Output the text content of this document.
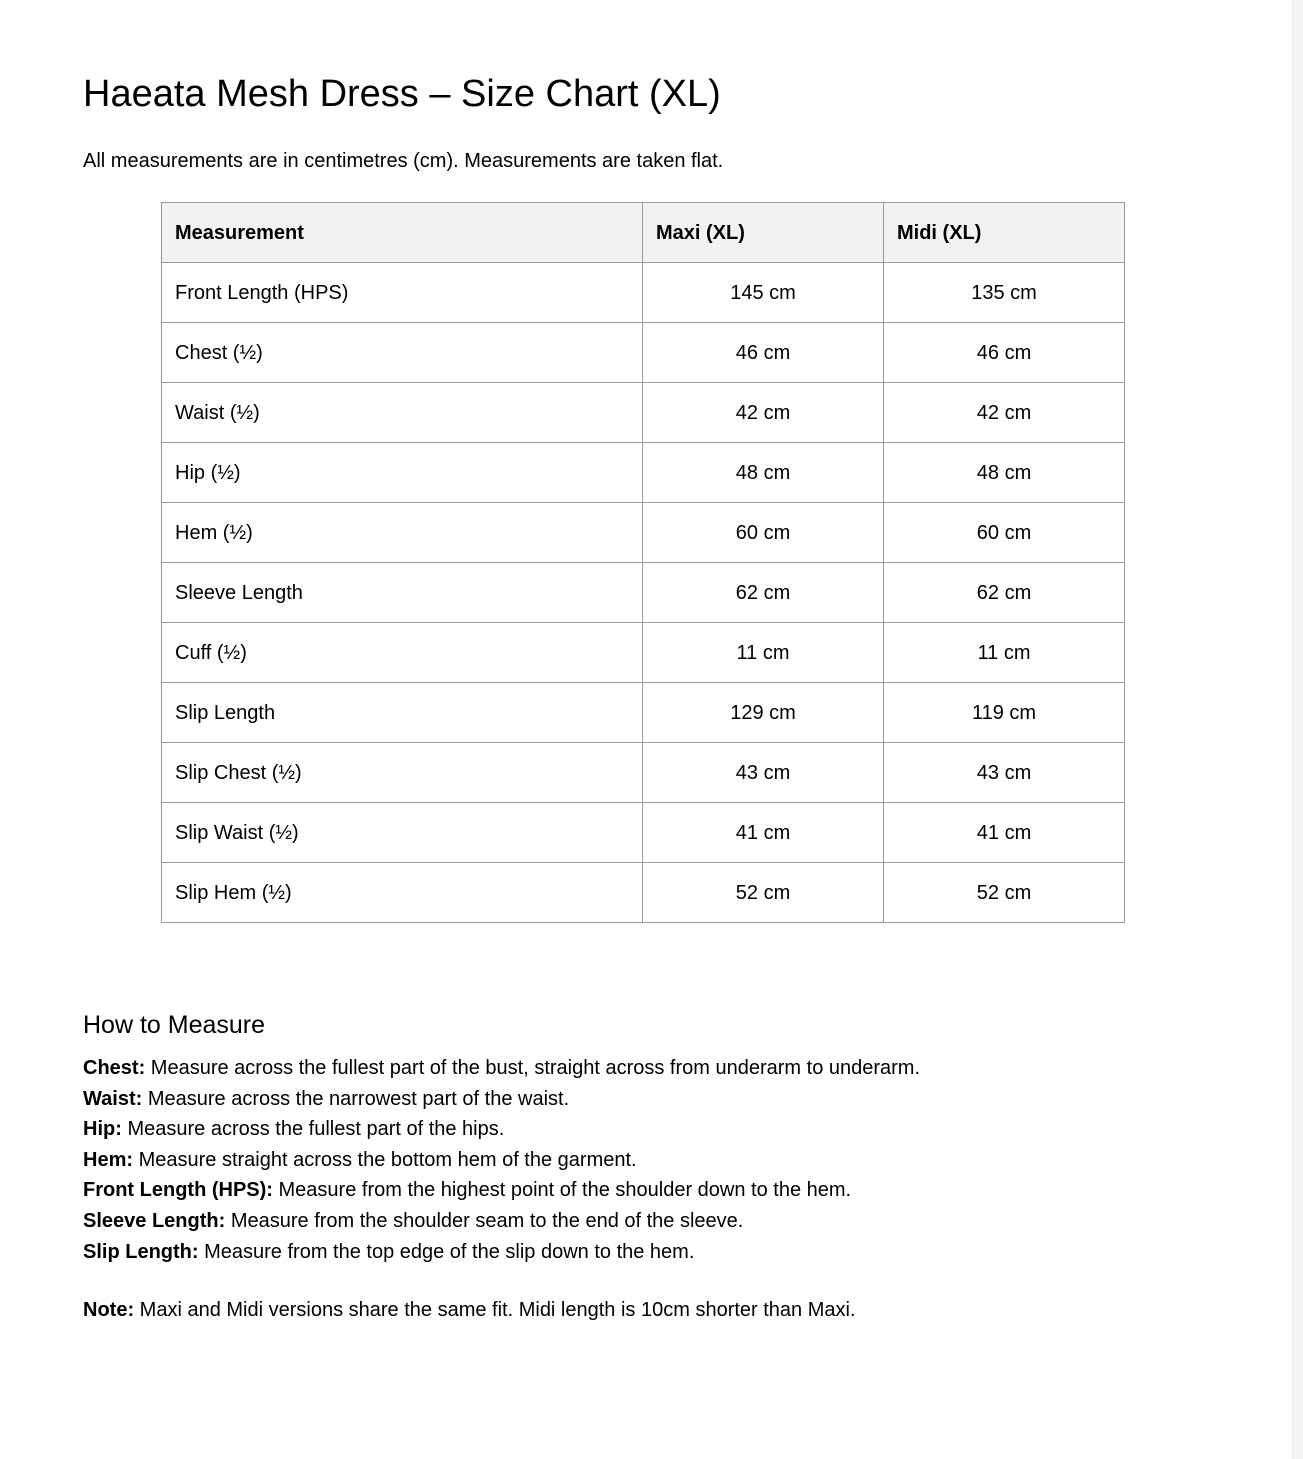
Haeata Mesh Dress – Size Chart (XL)

All measurements are in centimetres (cm). Measurements are taken flat.

Measurement	Maxi (XL)	Midi (XL)
Front Length (HPS)	145 cm	135 cm
Chest (½)	46 cm	46 cm
Waist (½)	42 cm	42 cm
Hip (½)	48 cm	48 cm
Hem (½)	60 cm	60 cm
Sleeve Length	62 cm	62 cm
Cuff (½)	11 cm	11 cm
Slip Length	129 cm	119 cm
Slip Chest (½)	43 cm	43 cm
Slip Waist (½)	41 cm	41 cm
Slip Hem (½)	52 cm	52 cm
How to Measure
Chest: Measure across the fullest part of the bust, straight across from underarm to underarm.
Waist: Measure across the narrowest part of the waist.
Hip: Measure across the fullest part of the hips.
Hem: Measure straight across the bottom hem of the garment.
Front Length (HPS): Measure from the highest point of the shoulder down to the hem.
Sleeve Length: Measure from the shoulder seam to the end of the sleeve.
Slip Length: Measure from the top edge of the slip down to the hem.

Note: Maxi and Midi versions share the same fit. Midi length is 10cm shorter than Maxi.
